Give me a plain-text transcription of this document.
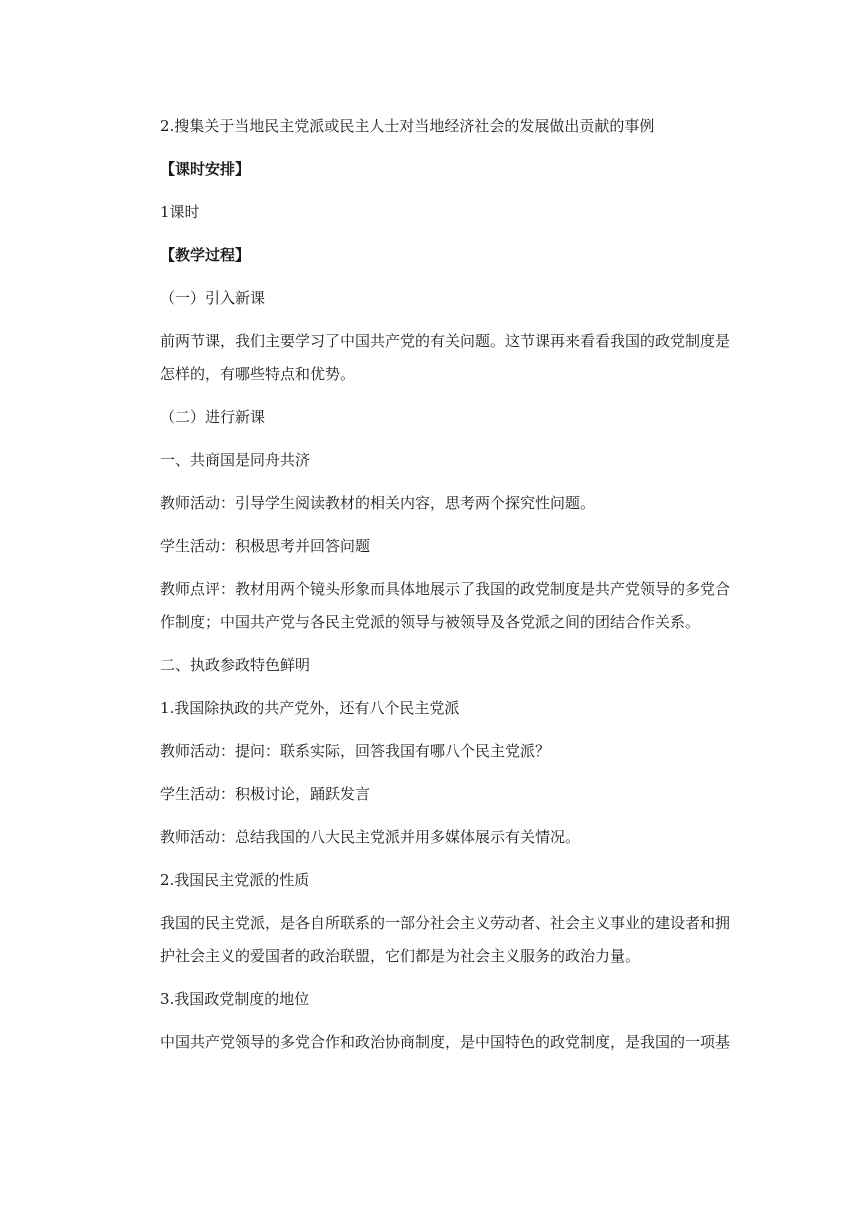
2.搜集关于当地民主党派或民主人士对当地经济社会的发展做出贡献的事例

【课时安排】

1课时

【教学过程】

（一）引入新课

前两节课，我们主要学习了中国共产党的有关问题。这节课再来看看我国的政党制度是怎样的，有哪些特点和优势。

（二）进行新课

一、共商国是同舟共济

教师活动：引导学生阅读教材的相关内容，思考两个探究性问题。

学生活动：积极思考并回答问题

教师点评：教材用两个镜头形象而具体地展示了我国的政党制度是共产党领导的多党合作制度；中国共产党与各民主党派的领导与被领导及各党派之间的团结合作关系。

二、执政参政特色鲜明

1.我国除执政的共产党外，还有八个民主党派

教师活动：提问：联系实际，回答我国有哪八个民主党派？

学生活动：积极讨论，踊跃发言

教师活动：总结我国的八大民主党派并用多媒体展示有关情况。

2.我国民主党派的性质

我国的民主党派，是各自所联系的一部分社会主义劳动者、社会主义事业的建设者和拥护社会主义的爱国者的政治联盟，它们都是为社会主义服务的政治力量。

3.我国政党制度的地位

中国共产党领导的多党合作和政治协商制度，是中国特色的政党制度，是我国的一项基
